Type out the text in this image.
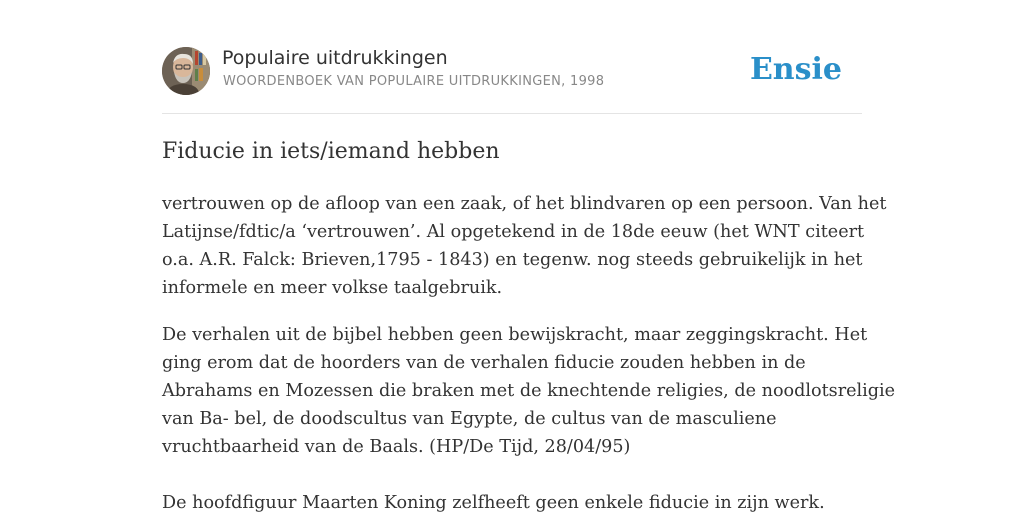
Populaire uitdrukkingen
WOORDENBOEK VAN POPULAIRE UITDRUKKINGEN, 1998	Ensie
Fiducie in iets/iemand hebben

vertrouwen op de afloop van een zaak, of het blindvaren op een persoon. Van het
Latijnse/fdtic/a ‘vertrouwen’. Al opgetekend in de 18de eeuw (het WNT citeert
o.a. A.R. Falck: Brieven,1795 - 1843) en tegenw. nog steeds gebruikelijk in het
informele en meer volkse taalgebruik.

De verhalen uit de bijbel hebben geen bewijskracht, maar zeggingskracht. Het
ging erom dat de hoorders van de verhalen fiducie zouden hebben in de
Abrahams en Mozessen die braken met de knechtende religies, de noodlotsreligie
van Ba- bel, de doodscultus van Egypte, de cultus van de masculiene
vruchtbaarheid van de Baals. (HP/De Tijd, 28/04/95)

De hoofdfiguur Maarten Koning zelfheeft geen enkele fiducie in zijn werk.
